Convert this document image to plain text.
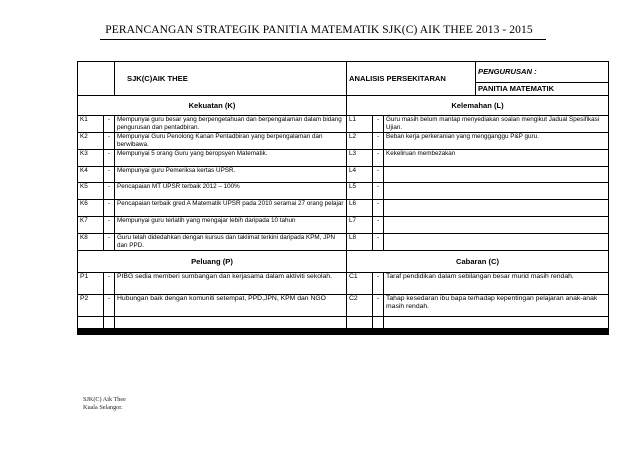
PERANCANGAN STRATEGIK PANITIA MATEMATIK SJK(C) AIK THEE 2013 - 2015
		SJK(C)AIK THEE	ANALISIS PERSEKITARAN			PENGURUSAN :
						PANITIA MATEMATIK
Kekuatan (K)			Kelemahan (L)			
K1	-	Mempunyai guru besar yang berpengetahuan dan berpengalaman dalam bidang pengurusan dan pentadbiran.	L1	-	Guru masih belum mantap menyediakan soalan mengikut Jadual Spesifikasi Ujian.	
K2	-	Mempunyai Guru Penolong Kanan Pentadbiran yang berpengalaman dan berwibawa.	L2	-	Beban kerja perkeranian yang mengganggu P&P guru.	
K3	-	Mempunyai 5 orang Guru yang beropsyen Matematik.	L3	-	Kekeliruan membezakan	
K4	-	Mempunyai guru Pemeriksa kertas UPSR.	L4	-		
K5	-	Pencapaian MT UPSR terbaik 2012 – 100%	L5	-		
K6	-	Pencapaian terbaik gred A Matematik UPSR pada 2010 seramai 27 orang pelajar	L6	-		
K7	-	Mempunyai guru terlatih yang mengajar lebih daripada 10 tahun	L7	-		
K8	-	Guru telah didedahkan dengan kursus dan taklimat terkini daripada KPM, JPN dan PPD.	L8	-		
Peluang (P)			Cabaran (C)			
P1	-	PIBG sedia memberi sumbangan dan kerjasama dalam aktiviti sekolah.	C1	-	Taraf pendidikan dalam sebilangan besar murid masih rendah.	
P2	-	Hubungan baik dengan komuniti setempat, PPD,JPN, KPM dan NGO	C2	-	Tahap kesedaran ibu bapa terhadap kepentingan pelajaran anak-anak masih rendah.	

SJK(C) Aik Thee
Kuala Selangor.
